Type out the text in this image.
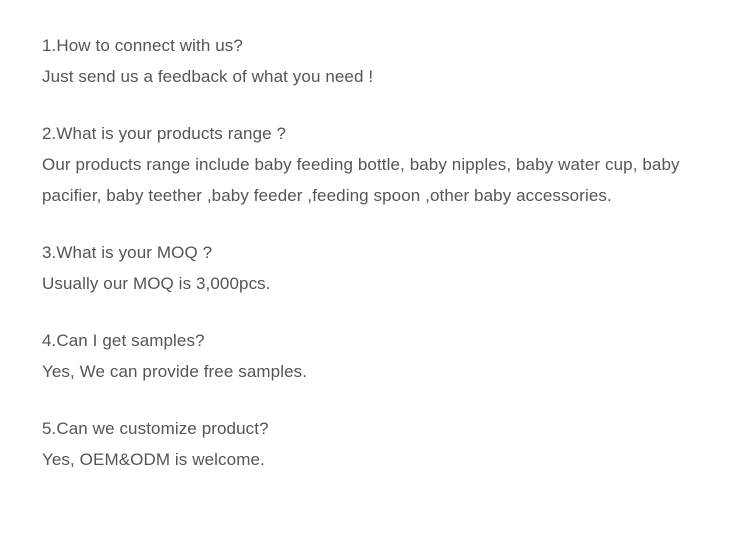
1.How to connect with us?
Just send us a feedback of what you need !
2.What is your products range ?
Our products range include baby feeding bottle, baby nipples, baby water cup, baby pacifier, baby teether ,baby feeder ,feeding spoon ,other baby accessories.
3.What is your MOQ ?
Usually our MOQ is 3,000pcs.
4.Can I get samples?
Yes, We can provide free samples.
5.Can we customize product?
Yes, OEM&ODM is welcome.
